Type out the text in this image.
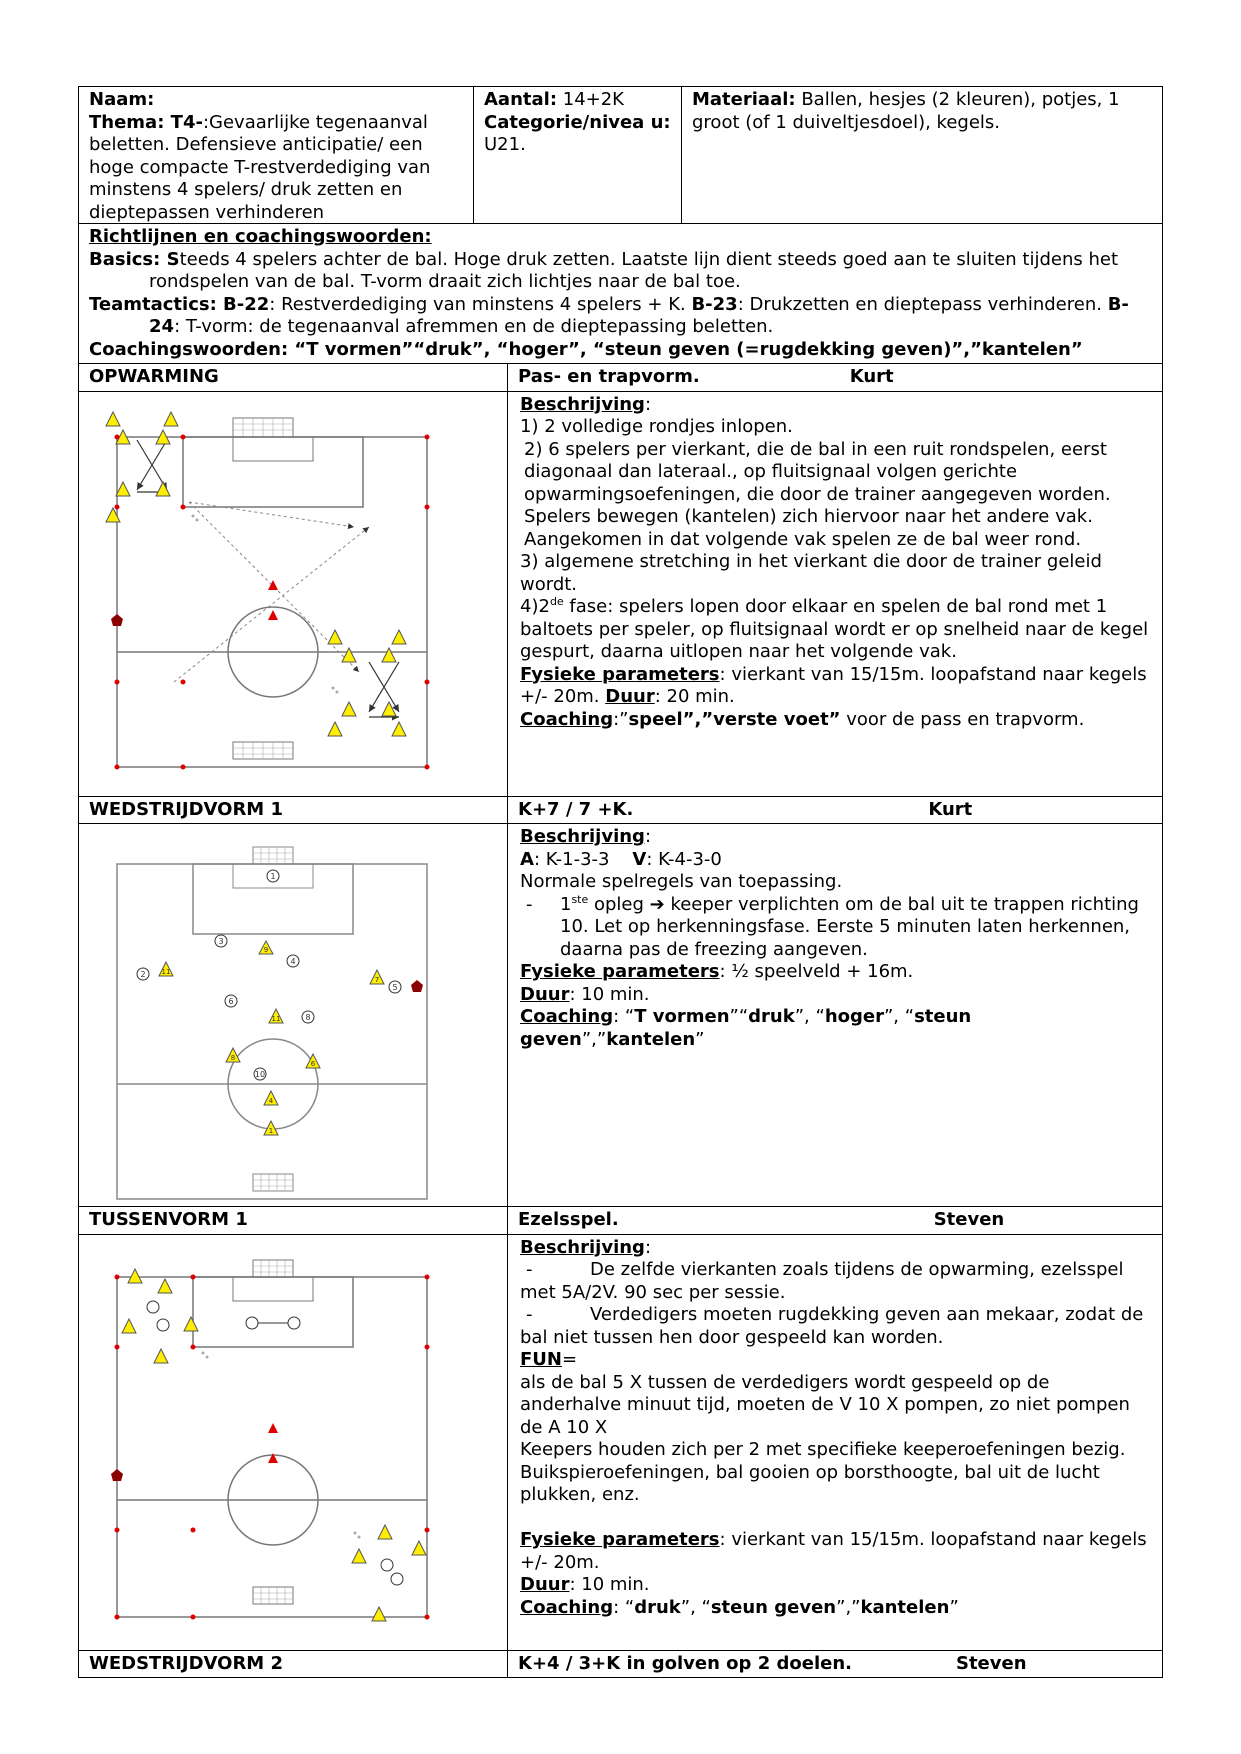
Naam:
Thema: T4-:Gevaarlijke tegenaanval beletten. Defensieve anticipatie/ een hoge compacte T-restverdediging van minstens 4 spelers/ druk zetten en dieptepassen verhinderen
Aantal: 14+2K
Categorie/nivea u: U21.
Materiaal: Ballen, hesjes (2 kleuren), potjes, 1 groot (of 1 duiveltjesdoel), kegels.
Richtlijnen en coachingswoorden:
Basics: Steeds 4 spelers achter de bal. Hoge druk zetten. Laatste lijn dient steeds goed aan te sluiten tijdens het rondspelen van de bal. T-vorm draait zich lichtjes naar de bal toe.
Teamtactics: B-22: Restverdediging van minstens 4 spelers + K. B-23: Drukzetten en dieptepass verhinderen. B-24: T-vorm: de tegenaanval afremmen en de dieptepassing beletten.
Coachingswoorden: “T vormen”“druk”, “hoger”, “steun geven (=rugdekking geven)”,”kantelen”
OPWARMING	Pas- en trapvorm.	Kurt

Beschrijving:

1) 2 volledige rondjes inlopen.

2) 6 spelers per vierkant, die de bal in een ruit rondspelen, eerst diagonaal dan lateraal., op fluitsignaal volgen gerichte opwarmingsoefeningen, die door de trainer aangegeven worden. Spelers bewegen (kantelen) zich hiervoor naar het andere vak. Aangekomen in dat volgende vak spelen ze de bal weer rond.

3) algemene stretching in het vierkant die door de trainer geleid wordt.

4)2de fase: spelers lopen door elkaar en spelen de bal rond met 1

baltoets per speler, op fluitsignaal wordt er op snelheid naar de kegel gespurt, daarna uitlopen naar het volgende vak.

Fysieke parameters: vierkant van 15/15m. loopafstand naar kegels +/- 20m. Duur: 20 min.

Coaching:”speel”,”verste voet” voor de pass en trapvorm.

WEDSTRIJDVORM 1	K+7 / 7 +K.	Kurt
1
3
2
4
6
8
10
5
9
11
7
11
8
6
4
1

Beschrijving:

A: K-1-3-3 V: K-4-3-0

Normale spelregels van toepassing.

- 1ste opleg ➔ keeper verplichten om de bal uit te trappen richting 10. Let op herkenningsfase. Eerste 5 minuten laten herkennen, daarna pas de freezing aangeven.

Fysieke parameters: ½ speelveld + 16m.

Duur: 10 min.

Coaching: “T vormen”“druk”, “hoger”, “steun geven”,”kantelen”

TUSSENVORM 1	Ezelsspel.	Steven

Beschrijving:

-	De zelfde vierkanten zoals tijdens de opwarming, ezelsspel met 5A/2V. 90 sec per sessie.

-	Verdedigers moeten rugdekking geven aan mekaar, zodat de bal niet tussen hen door gespeeld kan worden.

FUN=

als de bal 5 X tussen de verdedigers wordt gespeeld op de anderhalve minuut tijd, moeten de V 10 X pompen, zo niet pompen de A 10 X

Keepers houden zich per 2 met specifieke keeperoefeningen bezig. Buikspieroefeningen, bal gooien op borsthoogte, bal uit de lucht plukken, enz.

Fysieke parameters: vierkant van 15/15m. loopafstand naar kegels +/- 20m.

Duur: 10 min.

Coaching: “druk”, “steun geven”,”kantelen”

WEDSTRIJDVORM 2	K+4 / 3+K in golven op 2 doelen.	Steven
